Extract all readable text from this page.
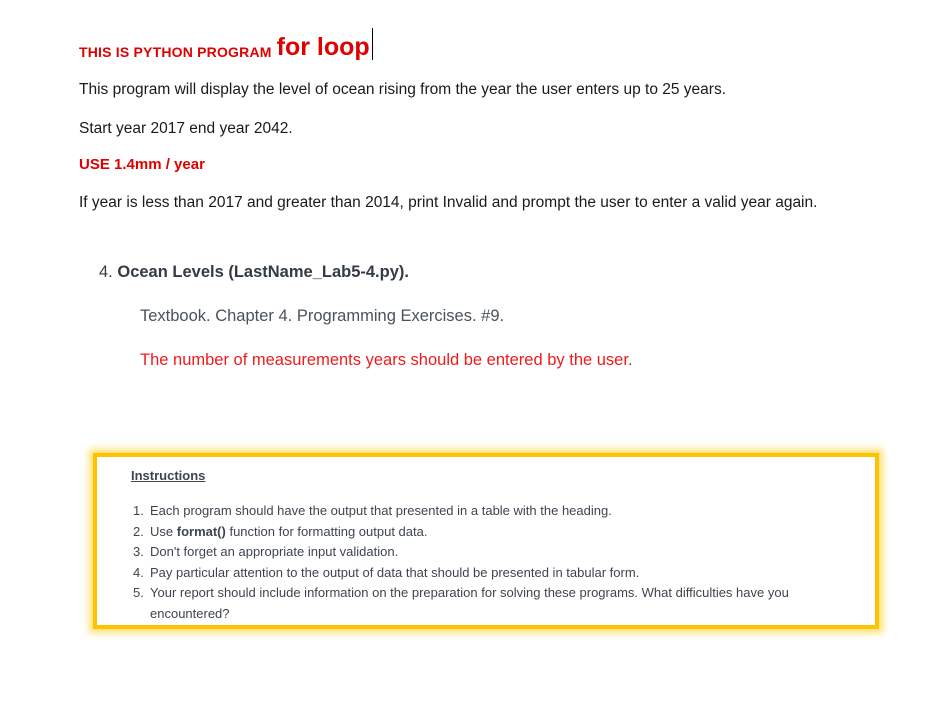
THIS IS PYTHON PROGRAM for loop
This program will display the level of ocean rising from the year the user enters up to 25 years.
Start year 2017 end year 2042.
USE 1.4mm / year
If year is less than 2017 and greater than 2014, print Invalid and prompt the user to enter a valid year again.
4. Ocean Levels (LastName_Lab5-4.py).
Textbook. Chapter 4. Programming Exercises. #9.
The number of measurements years should be entered by the user.
Instructions
1. Each program should have the output that presented in a table with the heading.
2. Use format() function for formatting output data.
3. Don't forget an appropriate input validation.
4. Pay particular attention to the output of data that should be presented in tabular form.
5. Your report should include information on the preparation for solving these programs. What difficulties have you encountered?
